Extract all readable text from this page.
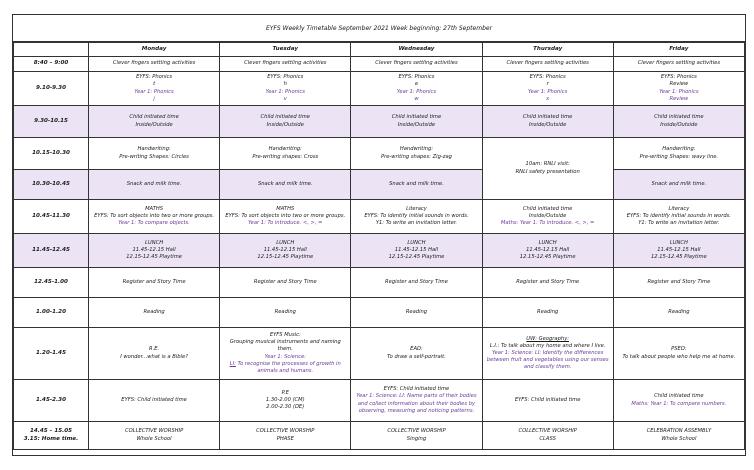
EYFS Weekly Timetable September 2021 Week beginning: 27th September
	Monday	Tuesday	Wednesday	Thursday	Friday
8:40 – 9:00	Clever fingers settling activities	Clever fingers settling activities	Clever fingers settling activities	Clever fingers settling activities	Clever fingers settling activities
9.10-9.30	EYFS: Phonics
t
Year 1: Phonics
j	EYFS: Phonics
h
Year 1: Phonics
v	EYFS: Phonics
e
Year 1: Phonics
w	EYFS: Phonics
r
Year 1: Phonics
x	EYFS: Phonics
Review
Year 1: Phonics
Review

9.30-10.15	Child initiated time
Inside/Outside	Child initiated time
Inside/Outside	Child initiated time
Inside/Outside	Child initiated time
Inside/Outside	Child initiated time
Inside/Outside

10.15-10.30	Handwriting:
Pre-writing Shapes: Circles	Handwriting:
Pre-writing shapes: Cross	Handwriting:
Pre-writing shapes: Zig-zag	10am: RNLI visit:
RNLI safety presentation	Handwriting:
Pre-writing Shapes: wavy line.

10.30-10.45	Snack and milk time.	Snack and milk time.	Snack and milk time.		Snack and milk time.
10.45-11.30	MATHS
EYFS: To sort objects into two or more groups.
Year 1: To compare objects.	MATHS
EYFS: To sort objects into two or more groups.
Year 1: To introduce. <, >, =	Literacy
EYFS: To identify initial sounds in words.
Y1: To write an invitation letter.	Child initiated time
Inside/Outside
Maths: Year 1: To introduce. <, >, =	Literacy
EYFS: To identify initial sounds in words.
Y1: To write an invitation letter.

11.45-12.45	LUNCH
11.45-12.15 Hall
12.15-12.45 Playtime	LUNCH
11.45-12.15 Hall
12.15-12.45 Playtime	LUNCH
11.45-12.15 Hall
12.15-12.45 Playtime	LUNCH
11.45-12.15 Hall
12.15-12.45 Playtime	LUNCH
11.45-12.15 Hall
12.15-12.45 Playtime

12.45-1.00	Register and Story Time	Register and Story Time	Register and Story Time	Register and Story Time	Register and Story Time
1.00-1.20	Reading	Reading	Reading	Reading	Reading
1.20-1.45	R.E.
I wonder...what is a Bible?	EYFS Music:
Grouping musical instruments and naming them.
Year 1: Science:
LI: To recognise the processes of growth in animals and humans.	EAD:
To draw a self-portrait.	UW: Geography:
L.I.: To talk about my home and where I live.
Year 1: Science: LI: Identify the differences between fruit and vegetables using our senses and classify them.	PSED:
To talk about people who help me at home.

1.45-2.30	EYFS: Child initiated time	P.E
1.30-2.00 (CM)
2.00-2.30 (DE)	EYFS: Child initiated time
Year 1: Science: LI: Name parts of their bodies and collect information about their bodies by observing, measuring and noticing patterns.	EYFS: Child initiated time	Child initiated time
Maths: Year 1: To compare numbers.

14.45 – 15.05
3.15: Home time.	COLLECTIVE WORSHIP
Whole School	COLLECTIVE WORSHIP
PHASE	COLLECTIVE WORSHIP
Singing	COLLECTIVE WORSHIP
CLASS	CELEBRATION ASSEMBLY
Whole School
